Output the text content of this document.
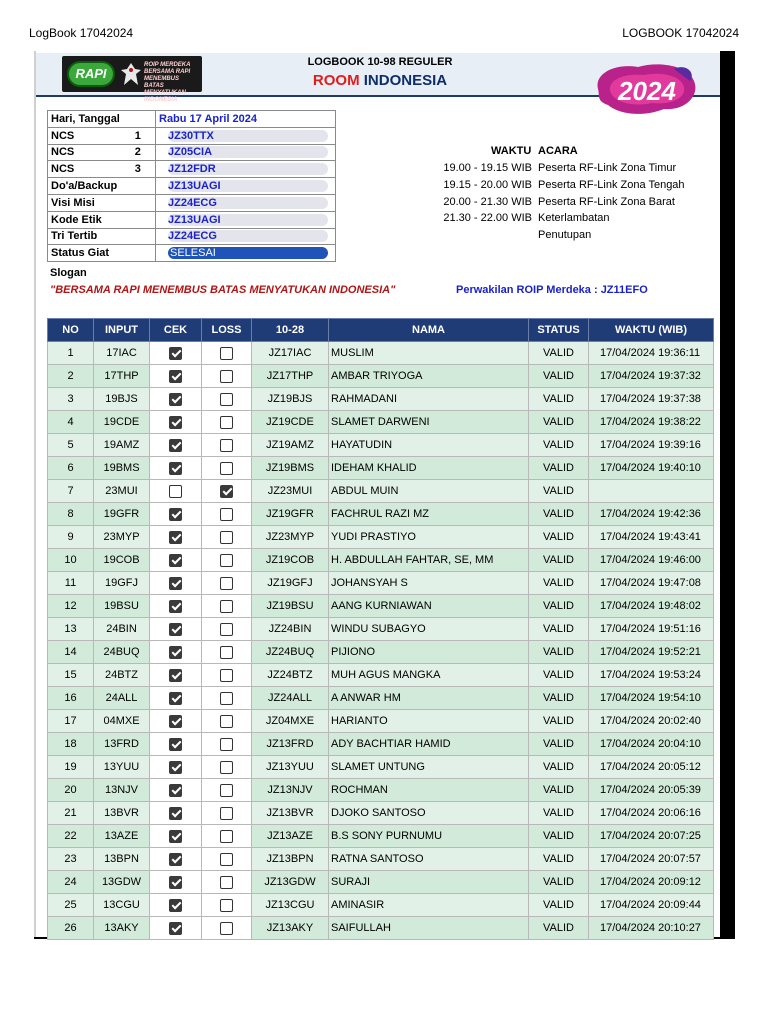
LogBook 17042024	LOGBOOK 17042024
RAPI
ROIP MERDEKA
BERSAMA RAPI
MENEMBUS BATAS
MENYATUKAN INDONESIA
LOGBOOK 10-98 REGULER
ROOM INDONESIA	2024
Hari, Tanggal		Rabu 17 April 2024
NCS	1	JZ30TTX
NCS	2	JZ05CIA
NCS	3	JZ12FDR
Do'a/Backup		JZ13UAGI
Visi Misi		JZ24ECG
Kode Etik		JZ13UAGI
Tri Tertib		JZ24ECG
Status Giat		SELESAI
WAKTU ACARA
19.00 - 19.15 WIB Peserta RF-Link Zona Timur
19.15 - 20.00 WIB Peserta RF-Link Zona Tengah
20.00 - 21.30 WIB Peserta RF-Link Zona Barat
21.30 - 22.00 WIB Keterlambatan
Penutupan
Slogan
"BERSAMA RAPI MENEMBUS BATAS MENYATUKAN INDONESIA"	Perwakilan ROIP Merdeka : JZ11EFO
NO	INPUT	CEK	LOSS	10-28	NAMA	STATUS	WAKTU (WIB)
1	17IAC			JZ17IAC	MUSLIM	VALID	17/04/2024 19:36:11
2	17THP			JZ17THP	AMBAR TRIYOGA	VALID	17/04/2024 19:37:32
3	19BJS			JZ19BJS	RAHMADANI	VALID	17/04/2024 19:37:38
4	19CDE			JZ19CDE	SLAMET DARWENI	VALID	17/04/2024 19:38:22
5	19AMZ			JZ19AMZ	HAYATUDIN	VALID	17/04/2024 19:39:16
6	19BMS			JZ19BMS	IDEHAM KHALID	VALID	17/04/2024 19:40:10
7	23MUI			JZ23MUI	ABDUL MUIN	VALID	
8	19GFR			JZ19GFR	FACHRUL RAZI MZ	VALID	17/04/2024 19:42:36
9	23MYP			JZ23MYP	YUDI PRASTIYO	VALID	17/04/2024 19:43:41
10	19COB			JZ19COB	H. ABDULLAH FAHTAR, SE, MM	VALID	17/04/2024 19:46:00
11	19GFJ			JZ19GFJ	JOHANSYAH S	VALID	17/04/2024 19:47:08
12	19BSU			JZ19BSU	AANG KURNIAWAN	VALID	17/04/2024 19:48:02
13	24BIN			JZ24BIN	WINDU SUBAGYO	VALID	17/04/2024 19:51:16
14	24BUQ			JZ24BUQ	PIJIONO	VALID	17/04/2024 19:52:21
15	24BTZ			JZ24BTZ	MUH AGUS MANGKA	VALID	17/04/2024 19:53:24
16	24ALL			JZ24ALL	A ANWAR HM	VALID	17/04/2024 19:54:10
17	04MXE			JZ04MXE	HARIANTO	VALID	17/04/2024 20:02:40
18	13FRD			JZ13FRD	ADY BACHTIAR HAMID	VALID	17/04/2024 20:04:10
19	13YUU			JZ13YUU	SLAMET UNTUNG	VALID	17/04/2024 20:05:12
20	13NJV			JZ13NJV	ROCHMAN	VALID	17/04/2024 20:05:39
21	13BVR			JZ13BVR	DJOKO SANTOSO	VALID	17/04/2024 20:06:16
22	13AZE			JZ13AZE	B.S SONY PURNUMU	VALID	17/04/2024 20:07:25
23	13BPN			JZ13BPN	RATNA SANTOSO	VALID	17/04/2024 20:07:57
24	13GDW			JZ13GDW	SURAJI	VALID	17/04/2024 20:09:12
25	13CGU			JZ13CGU	AMINASIR	VALID	17/04/2024 20:09:44
26	13AKY			JZ13AKY	SAIFULLAH	VALID	17/04/2024 20:10:27
